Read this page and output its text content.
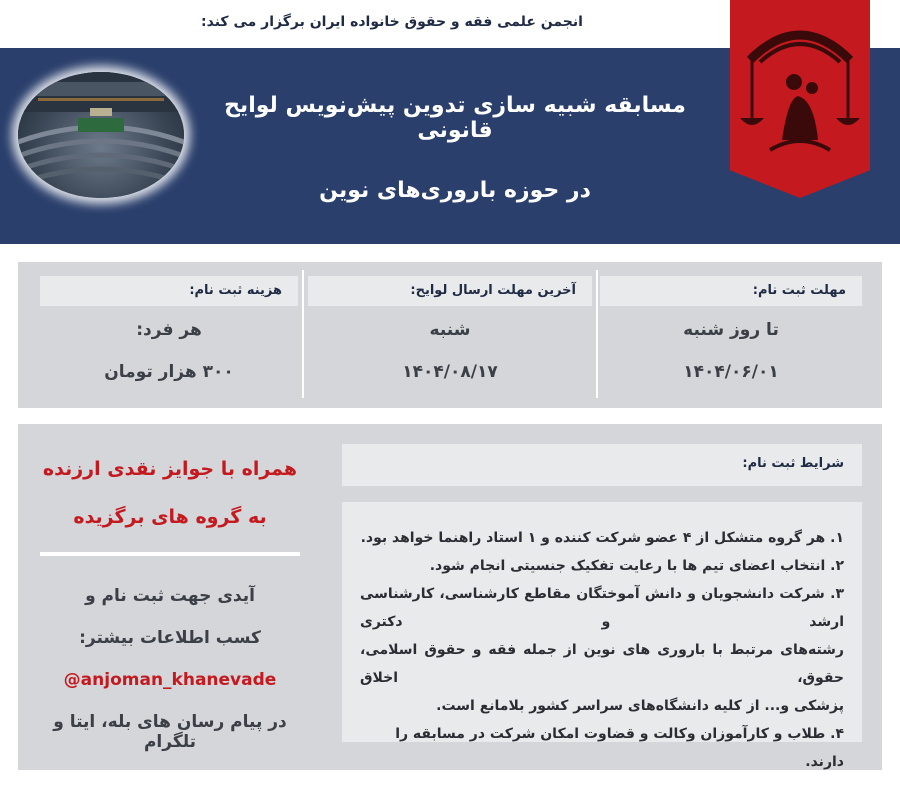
انجمن علمی فقه و حقوق خانواده ایران برگزار می کند:
مسابقه شبیه سازی تدوین پیش‌نویس لوایح قانونی
در حوزه باروری‌های نوین
مهلت ثبت نام:
تا روز شنبه
۱۴۰۴/۰۶/۰۱
آخرین مهلت ارسال لوایح:
شنبه
۱۴۰۴/۰۸/۱۷
هزینه ثبت نام:
هر فرد:
۳۰۰ هزار تومان
شرایط ثبت نام:
۱. هر گروه متشکل از ۴ عضو شرکت کننده و ۱ استاد راهنما خواهد بود.
۲. انتخاب اعضای تیم ها با رعایت تفکیک جنسیتی انجام شود.
۳. شرکت دانشجویان و دانش آموختگان مقاطع کارشناسی، کارشناسی ارشد و دکتری
رشته‌های مرتبط با باروری های نوین از جمله فقه و حقوق اسلامی، حقوق، اخلاق
پزشکی و... از کلیه دانشگاه‌های سراسر کشور بلامانع است.
۴. طلاب و کارآموزان وکالت و قضاوت امکان شرکت در مسابقه را دارند.
همراه با جوایز نقدی ارزنده
به گروه های برگزیده
آیدی جهت ثبت نام و
کسب اطلاعات بیشتر:
@anjoman_khanevade
در پیام رسان های بله، ایتا و تلگرام
